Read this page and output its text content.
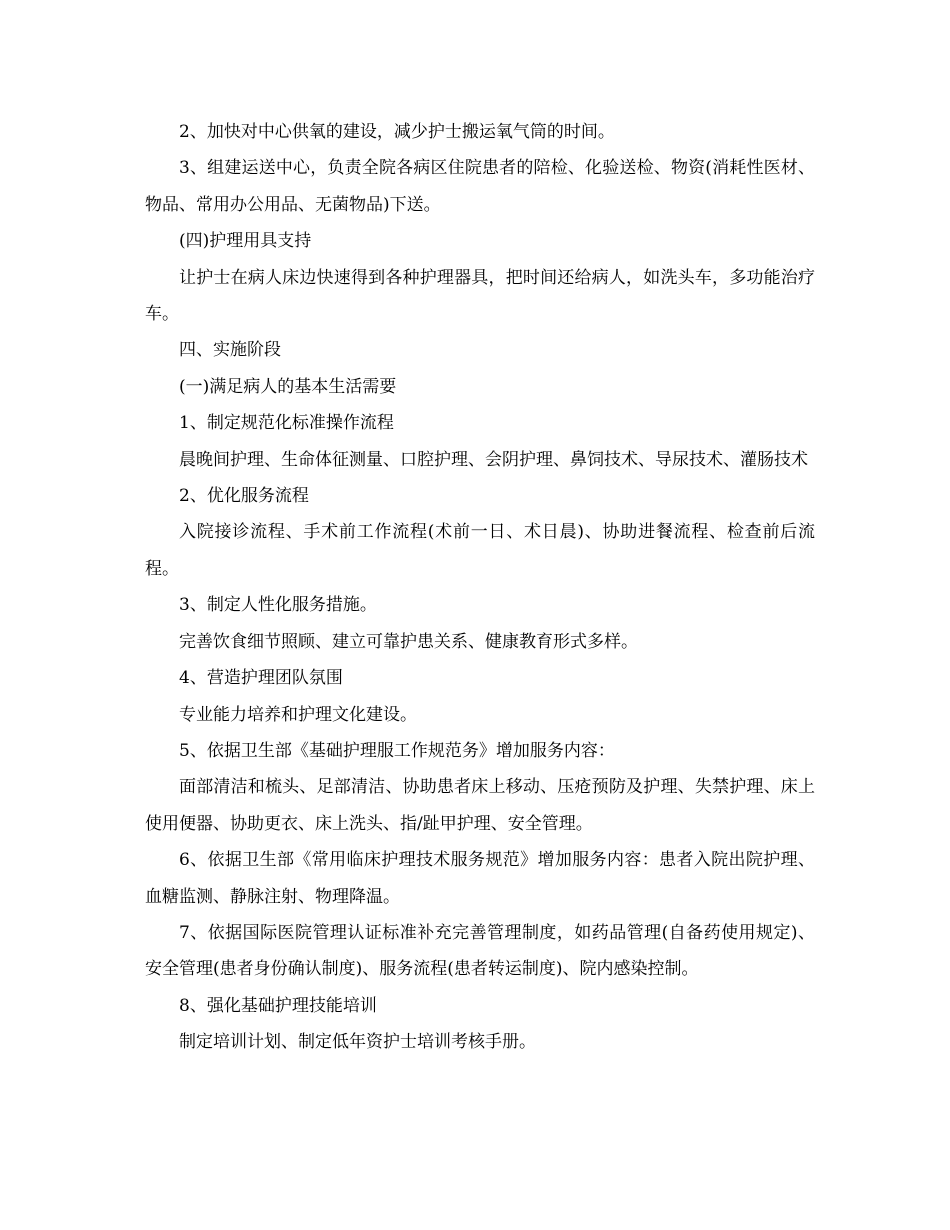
2、加快对中心供氧的建设，减少护士搬运氧气筒的时间。

3、组建运送中心，负责全院各病区住院患者的陪检、化验送检、物资(消耗性医材、物品、常用办公用品、无菌物品)下送。

(四)护理用具支持

让护士在病人床边快速得到各种护理器具，把时间还给病人，如洗头车，多功能治疗车。

四、实施阶段

(一)满足病人的基本生活需要

1、制定规范化标准操作流程

晨晚间护理、生命体征测量、口腔护理、会阴护理、鼻饲技术、导尿技术、灌肠技术

2、优化服务流程

入院接诊流程、手术前工作流程(术前一日、术日晨)、协助进餐流程、检查前后流程。

3、制定人性化服务措施。

完善饮食细节照顾、建立可靠护患关系、健康教育形式多样。

4、营造护理团队氛围

专业能力培养和护理文化建设。

5、依据卫生部《基础护理服工作规范务》增加服务内容：

面部清洁和梳头、足部清洁、协助患者床上移动、压疮预防及护理、失禁护理、床上使用便器、协助更衣、床上洗头、指/趾甲护理、安全管理。

6、依据卫生部《常用临床护理技术服务规范》增加服务内容：患者入院出院护理、血糖监测、静脉注射、物理降温。

7、依据国际医院管理认证标准补充完善管理制度，如药品管理(自备药使用规定)、安全管理(患者身份确认制度)、服务流程(患者转运制度)、院内感染控制。

8、强化基础护理技能培训

制定培训计划、制定低年资护士培训考核手册。
